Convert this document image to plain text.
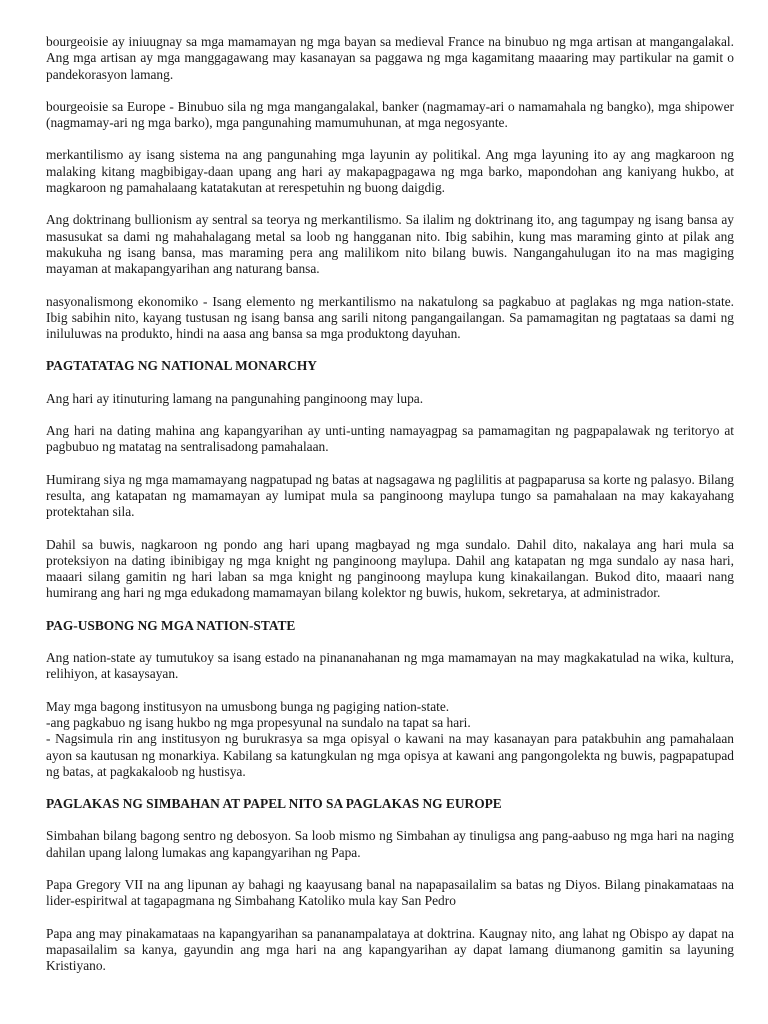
bourgeoisie ay iniuugnay sa mga mamamayan ng mga bayan sa medieval France na binubuo ng mga artisan at mangangalakal. Ang mga artisan ay mga manggagawang may kasanayan sa paggawa ng mga kagamitang maaaring may partikular na gamit o pandekorasyon lamang.

bourgeoisie sa Europe - Binubuo sila ng mga mangangalakal, banker (nagmamay-ari o namamahala ng bangko), mga shipower (nagmamay-ari ng mga barko), mga pangunahing mamumuhunan, at mga negosyante.

merkantilismo ay isang sistema na ang pangunahing mga layunin ay politikal. Ang mga layuning ito ay ang magkaroon ng malaking kitang magbibigay-daan upang ang hari ay makapagpagawa ng mga barko, mapondohan ang kaniyang hukbo, at magkaroon ng pamahalaang katatakutan at rerespetuhin ng buong daigdig.

Ang doktrinang bullionism ay sentral sa teorya ng merkantilismo. Sa ilalim ng doktrinang ito, ang tagumpay ng isang bansa ay masusukat sa dami ng mahahalagang metal sa loob ng hangganan nito. Ibig sabihin, kung mas maraming ginto at pilak ang makukuha ng isang bansa, mas maraming pera ang malilikom nito bilang buwis. Nangangahulugan ito na mas magiging mayaman at makapangyarihan ang naturang bansa.

nasyonalismong ekonomiko - Isang elemento ng merkantilismo na nakatulong sa pagkabuo at paglakas ng mga nation-state. Ibig sabihin nito, kayang tustusan ng isang bansa ang sarili nitong pangangailangan. Sa pamamagitan ng pagtataas sa dami ng iniluluwas na produkto, hindi na aasa ang bansa sa mga produktong dayuhan.

PAGTATATAG NG NATIONAL MONARCHY

Ang hari ay itinuturing lamang na pangunahing panginoong may lupa.

Ang hari na dating mahina ang kapangyarihan ay unti-unting namayagpag sa pamamagitan ng pagpapalawak ng teritoryo at pagbubuo ng matatag na sentralisadong pamahalaan.

Humirang siya ng mga mamamayang nagpatupad ng batas at nagsagawa ng paglilitis at pagpaparusa sa korte ng palasyo. Bilang resulta, ang katapatan ng mamamayan ay lumipat mula sa panginoong maylupa tungo sa pamahalaan na may kakayahang protektahan sila.

Dahil sa buwis, nagkaroon ng pondo ang hari upang magbayad ng mga sundalo. Dahil dito, nakalaya ang hari mula sa proteksiyon na dating ibinibigay ng mga knight ng panginoong maylupa. Dahil ang katapatan ng mga sundalo ay nasa hari, maaari silang gamitin ng hari laban sa mga knight ng panginoong maylupa kung kinakailangan. Bukod dito, maaari nang humirang ang hari ng mga edukadong mamamayan bilang kolektor ng buwis, hukom, sekretarya, at administrador.

PAG-USBONG NG MGA NATION-STATE

Ang nation-state ay tumutukoy sa isang estado na pinananahanan ng mga mamamayan na may magkakatulad na wika, kultura, relihiyon, at kasaysayan.

May mga bagong institusyon na umusbong bunga ng pagiging nation-state.
-ang pagkabuo ng isang hukbo ng mga propesyunal na sundalo na tapat sa hari.
- Nagsimula rin ang institusyon ng burukrasya sa mga opisyal o kawani na may kasanayan para patakbuhin ang pamahalaan ayon sa kautusan ng monarkiya. Kabilang sa katungkulan ng mga opisya at kawani ang pangongolekta ng buwis, pagpapatupad ng batas, at pagkakaloob ng hustisya.

PAGLAKAS NG SIMBAHAN AT PAPEL NITO SA PAGLAKAS NG EUROPE

Simbahan bilang bagong sentro ng debosyon. Sa loob mismo ng Simbahan ay tinuligsa ang pang-aabuso ng mga hari na naging dahilan upang lalong lumakas ang kapangyarihan ng Papa.

Papa Gregory VII na ang lipunan ay bahagi ng kaayusang banal na napapasailalim sa batas ng Diyos. Bilang pinakamataas na lider-espiritwal at tagapagmana ng Simbahang Katoliko mula kay San Pedro

Papa ang may pinakamataas na kapangyarihan sa pananampalataya at doktrina. Kaugnay nito, ang lahat ng Obispo ay dapat na mapasailalim sa kanya, gayundin ang mga hari na ang kapangyarihan ay dapat lamang diumanong gamitin sa layuning Kristiyano.
